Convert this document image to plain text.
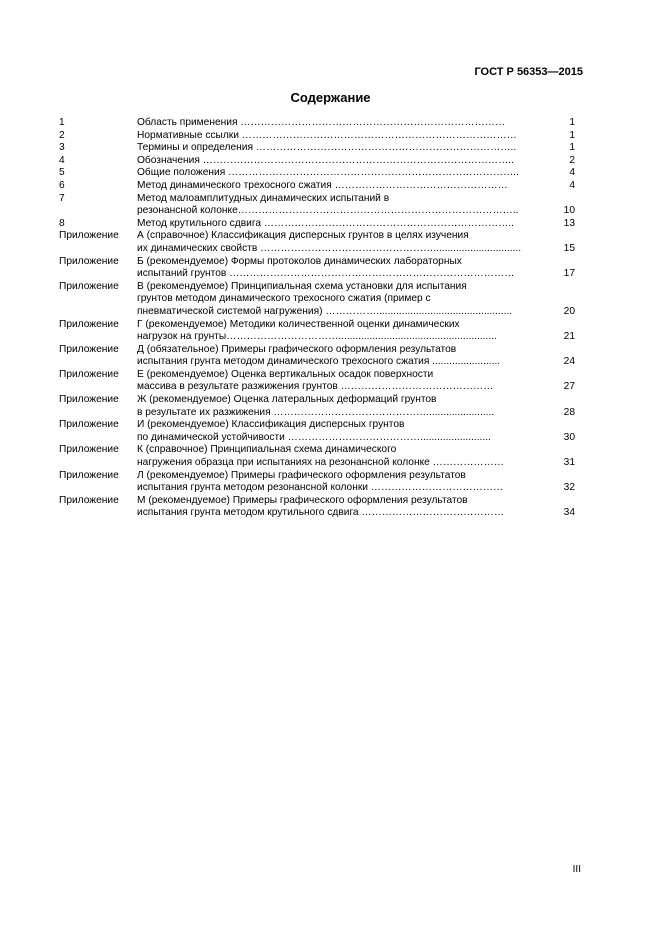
ГОСТ Р 56353—2015
Содержание
1	Область применения ……………………………………………………………………	1
2	Нормативные ссылки ………………………………………………………………………	1
3	Термины и определения …………………………………………………………………..	1
4	Обозначения ………………………………………………………………………………..	2
5	Общие положения …………………………………………………………………………..	4
6	Метод динамического трехосного сжатия ……………………………………………	4
7	Метод малоамплитудных динамических испытаний в
резонансной колонке………………………………………………………………………..	10
8	Метод крутильного сдвига ………………………………………………………………..	13
Приложение	А (справочное) Классификация дисперсных грунтов в целях изучения
их динамических свойств ……………………………………………...............................	15
Приложение	Б (рекомендуемое) Формы протоколов динамических лабораторных
испытаний грунтов …………………………………………………………………………	17
Приложение	В (рекомендуемое) Принципиальная схема установки для испытания
грунтов методом динамического трехосного сжатия (пример с
пневматической системой нагружения) ……………................................................	20
Приложение	Г (рекомендуемое) Методики количественной оценки динамических
нагрузок на грунты……………………………........................................................	21
Приложение	Д (обязательное) Примеры графического оформления результатов
испытания грунта методом динамического трехосного сжатия ........................	24
Приложение	Е (рекомендуемое) Оценка вертикальных осадок поверхности
массива в результате разжижения грунтов ………………………………………	27
Приложение	Ж (рекомендуемое) Оценка латеральных деформаций грунтов
в результате их разжижения ………………………………………........................	28
Приложение	И (рекомендуемое) Классификация дисперсных грунтов
по динамической устойчивости ………………………………….........................	30
Приложение	К (справочное) Принципиальная схема динамического
нагружения образца при испытаниях на резонансной колонке …………………	31
Приложение	Л (рекомендуемое) Примеры графического оформления результатов
испытания грунта методом резонансной колонки …………………………………	32
Приложение	М (рекомендуемое) Примеры графического оформления результатов
испытания грунта методом крутильного сдвига ……………………………………	34
III
